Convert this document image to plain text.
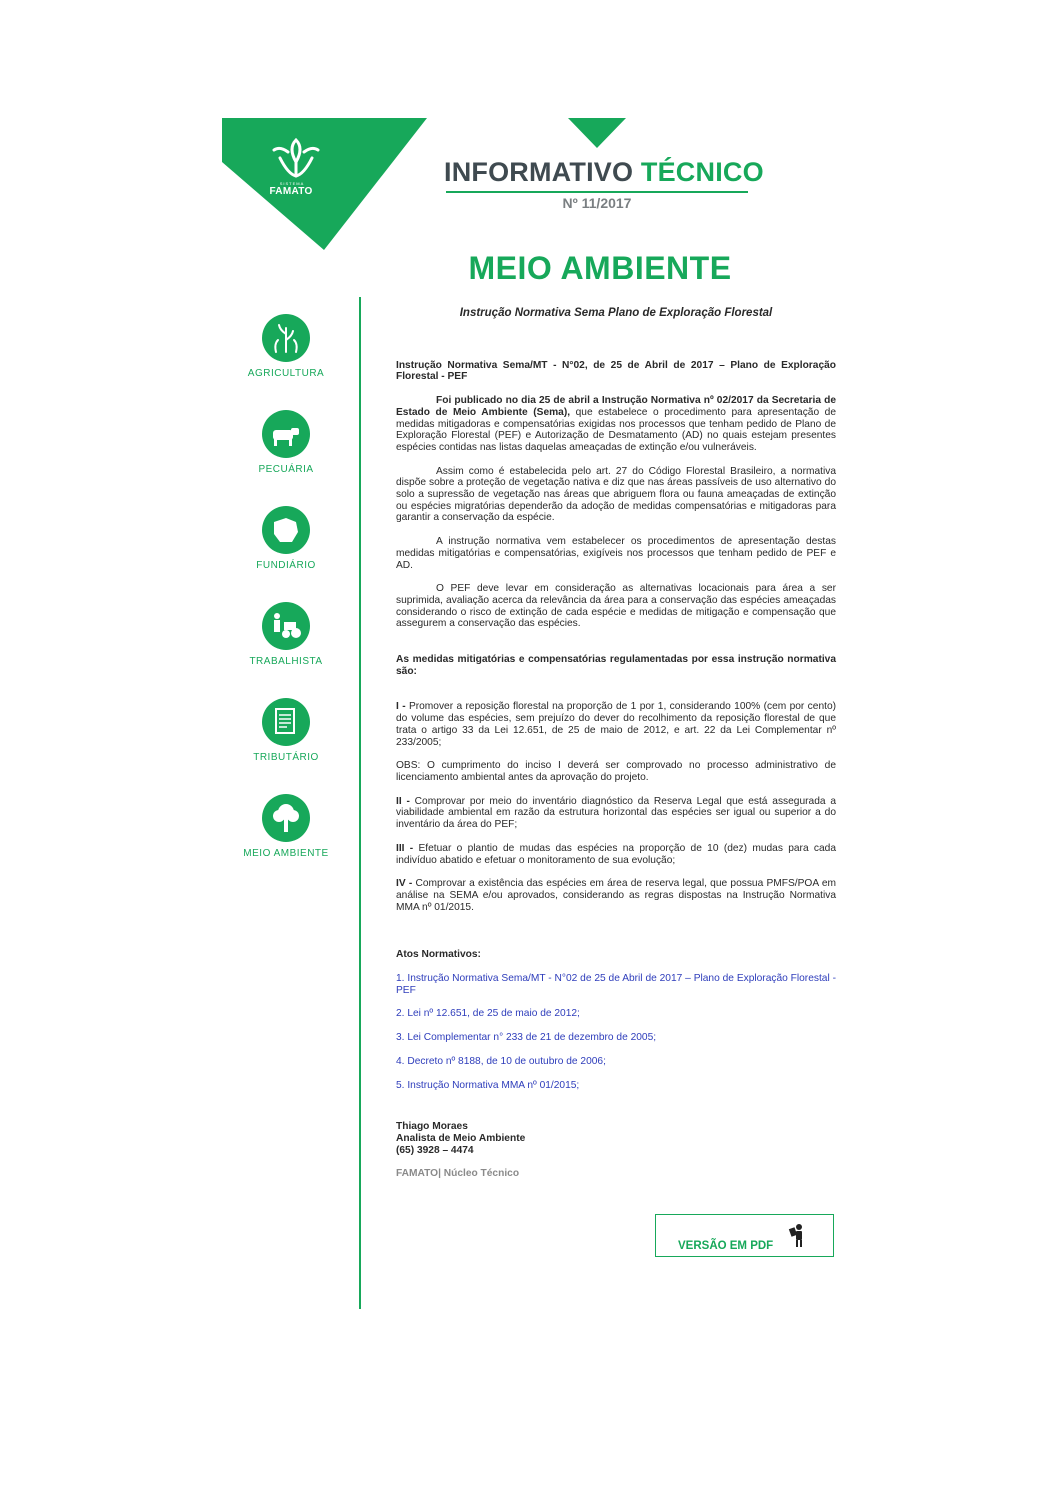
SISTEMA
FAMATO
INFORMATIVO TÉCNICO
Nº 11/2017
MEIO AMBIENTE
AGRICULTURA
PECUÁRIA
FUNDIÁRIO
TRABALHISTA
TRIBUTÁRIO
MEIO AMBIENTE
Instrução Normativa Sema Plano de Exploração Florestal

Instrução Normativa Sema/MT - N°02, de 25 de Abril de 2017 – Plano de Exploração Florestal - PEF

Foi publicado no dia 25 de abril a Instrução Normativa nº 02/2017 da Secretaria de Estado de Meio Ambiente (Sema), que estabelece o procedimento para apresentação de medidas mitigadoras e compensatórias exigidas nos processos que tenham pedido de Plano de Exploração Florestal (PEF) e Autorização de Desmatamento (AD) no quais estejam presentes espécies contidas nas listas daquelas ameaçadas de extinção e/ou vulneráveis.

Assim como é estabelecida pelo art. 27 do Código Florestal Brasileiro, a normativa dispõe sobre a proteção de vegetação nativa e diz que nas áreas passíveis de uso alternativo do solo a supressão de vegetação nas áreas que abriguem flora ou fauna ameaçadas de extinção ou espécies migratórias dependerão da adoção de medidas compensatórias e mitigadoras para garantir a conservação da espécie.

A instrução normativa vem estabelecer os procedimentos de apresentação destas medidas mitigatórias e compensatórias, exigíveis nos processos que tenham pedido de PEF e AD.

O PEF deve levar em consideração as alternativas locacionais para área a ser suprimida, avaliação acerca da relevância da área para a conservação das espécies ameaçadas considerando o risco de extinção de cada espécie e medidas de mitigação e compensação que assegurem a conservação das espécies.

As medidas mitigatórias e compensatórias regulamentadas por essa instrução normativa são:

I - Promover a reposição florestal na proporção de 1 por 1, considerando 100% (cem por cento) do volume das espécies, sem prejuízo do dever do recolhimento da reposição florestal de que trata o artigo 33 da Lei 12.651, de 25 de maio de 2012, e art. 22 da Lei Complementar nº 233/2005;

OBS: O cumprimento do inciso I deverá ser comprovado no processo administrativo de licenciamento ambiental antes da aprovação do projeto.

II - Comprovar por meio do inventário diagnóstico da Reserva Legal que está assegurada a viabilidade ambiental em razão da estrutura horizontal das espécies ser igual ou superior a do inventário da área do PEF;

III - Efetuar o plantio de mudas das espécies na proporção de 10 (dez) mudas para cada indivíduo abatido e efetuar o monitoramento de sua evolução;

IV - Comprovar a existência das espécies em área de reserva legal, que possua PMFS/POA em análise na SEMA e/ou aprovados, considerando as regras dispostas na Instrução Normativa MMA nº 01/2015.

Atos Normativos:

1. Instrução Normativa Sema/MT - N°02 de 25 de Abril de 2017 – Plano de Exploração Florestal - PEF

2. Lei nº 12.651, de 25 de maio de 2012;

3. Lei Complementar n° 233 de 21 de dezembro de 2005;

4. Decreto nº 8188, de 10 de outubro de 2006;

5. Instrução Normativa MMA nº 01/2015;

Thiago Moraes

Analista de Meio Ambiente

(65) 3928 – 4474

FAMATO| Núcleo Técnico

VERSÃO EM PDF
